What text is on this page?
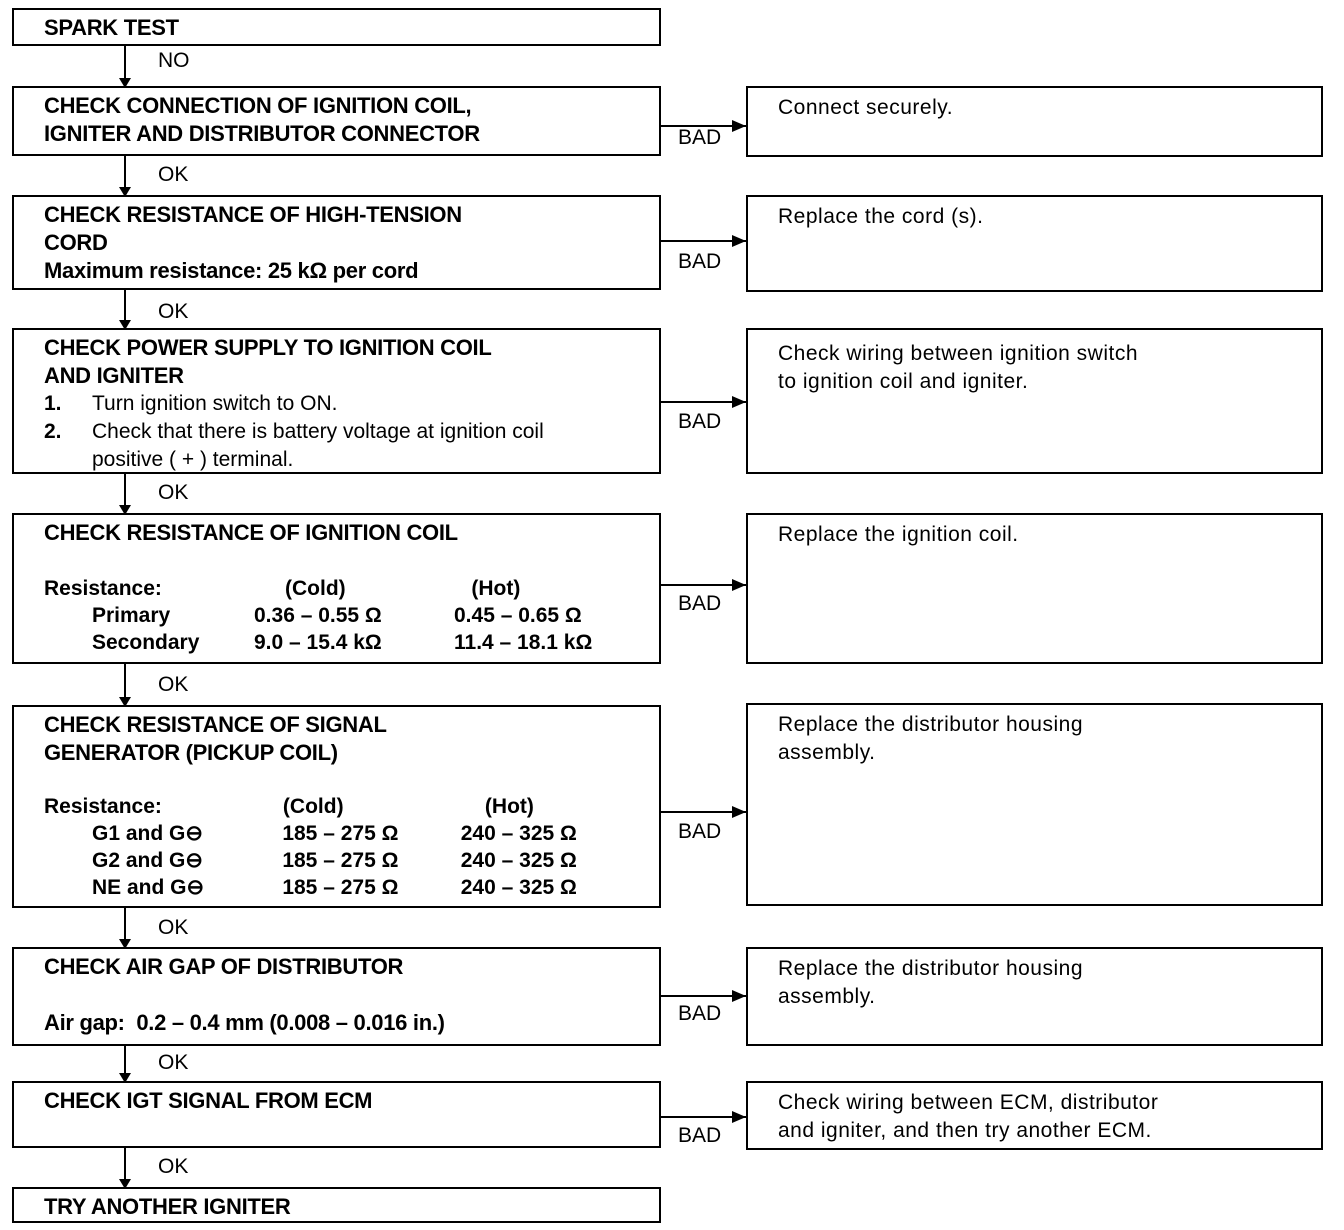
SPARK TEST
NO
CHECK CONNECTION OF IGNITION COIL,
IGNITER AND DISTRIBUTOR CONNECTOR	BAD
Connect securely.
OK
CHECK RESISTANCE OF HIGH-TENSION
CORD
Maximum resistance: 25 kΩ per cord	BAD
Replace the cord (s).
OK
CHECK POWER SUPPLY TO IGNITION COIL
AND IGNITER
1.	Turn ignition switch to ON.
2.	Check that there is battery voltage at ignition coil positive ( + ) terminal.
BAD
Check wiring between ignition switch
to ignition coil and igniter.
OK
CHECK RESISTANCE OF IGNITION COIL
Resistance:	(Cold)	(Hot)
Primary	0.36 – 0.55 Ω	0.45 – 0.65 Ω
Secondary	9.0 – 15.4 kΩ	11.4 – 18.1 kΩ
BAD
Replace the ignition coil.
OK
CHECK RESISTANCE OF SIGNAL
GENERATOR (PICKUP COIL)
Resistance:	(Cold)	(Hot)
G1 and G⊖	185 – 275 Ω	240 – 325 Ω
G2 and G⊖	185 – 275 Ω	240 – 325 Ω
NE and G⊖	185 – 275 Ω	240 – 325 Ω
BAD
Replace the distributor housing
assembly.
OK
CHECK AIR GAP OF DISTRIBUTOR
Air gap:  0.2 – 0.4 mm (0.008 – 0.016 in.)	BAD
Replace the distributor housing
assembly.
OK
CHECK IGT SIGNAL FROM ECM
BAD
Check wiring between ECM, distributor
and igniter, and then try another ECM.
OK
TRY ANOTHER IGNITER
